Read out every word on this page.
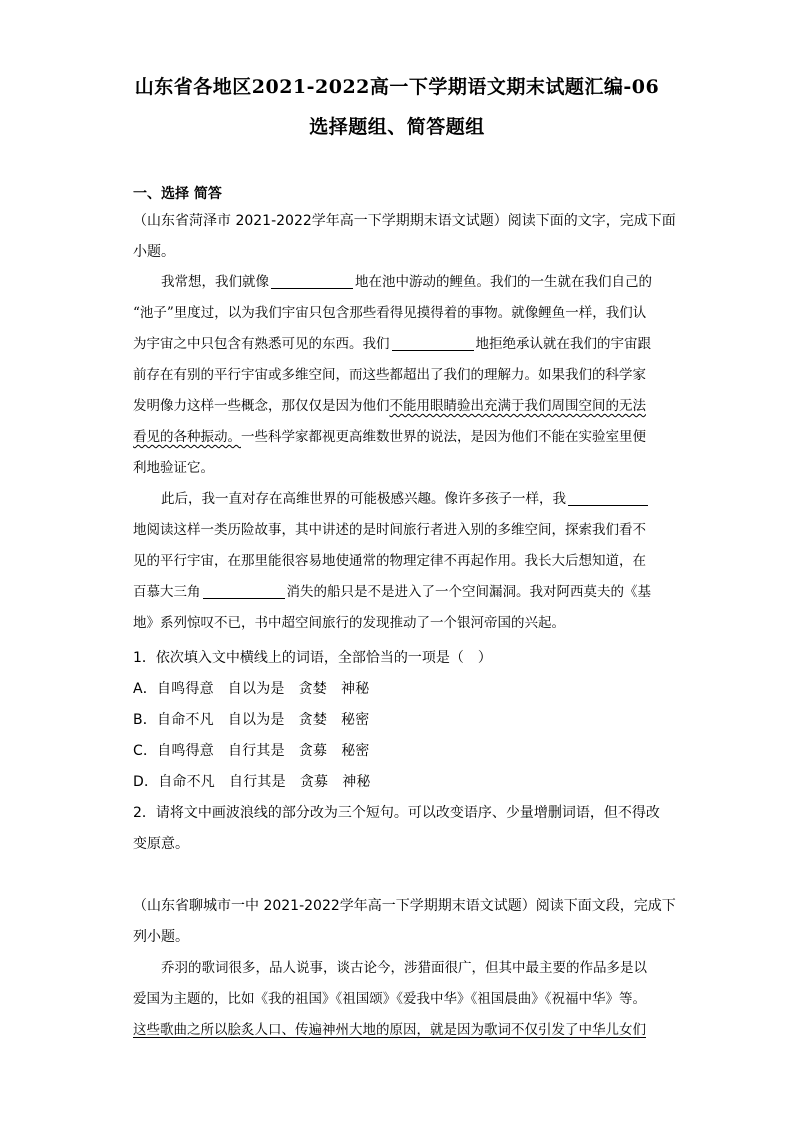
山东省各地区2021-2022高一下学期语文期末试题汇编-06
选择题组、简答题组
一、选择 简答
（山东省菏泽市 2021-2022学年高一下学期期末语文试题）阅读下面的文字，完成下面
小题。
我常想，我们就像	地在池中游动的鲤鱼。我们的一生就在我们自己的
“池子”里度过，以为我们宇宙只包含那些看得见摸得着的事物。就像鲤鱼一样，我们认
为宇宙之中只包含有熟悉可见的东西。我们	地拒绝承认就在我们的宇宙跟
前存在有别的平行宇宙或多维空间，而这些都超出了我们的理解力。如果我们的科学家
发明像力这样一些概念，那仅仅是因为他们不能用眼睛验出充满于我们周围空间的无法
看见的各种振动。一些科学家都视更高维数世界的说法，是因为他们不能在实验室里便
利地验证它。
此后，我一直对存在高维世界的可能极感兴趣。像许多孩子一样，我
地阅读这样一类历险故事，其中讲述的是时间旅行者进入别的多维空间，探索我们看不
见的平行宇宙，在那里能很容易地使通常的物理定律不再起作用。我长大后想知道，在
百慕大三角	消失的船只是不是进入了一个空间漏洞。我对阿西莫夫的《基
地》系列惊叹不已，书中超空间旅行的发现推动了一个银河帝国的兴起。
1．依次填入文中横线上的词语，全部恰当的一项是（　）
A．自鸣得意 自以为是 贪婪 神秘
B．自命不凡 自以为是 贪婪 秘密
C．自鸣得意 自行其是 贪募 秘密
D．自命不凡 自行其是 贪募 神秘
2．请将文中画波浪线的部分改为三个短句。可以改变语序、少量增删词语，但不得改
变原意。
（山东省聊城市一中 2021-2022学年高一下学期期末语文试题）阅读下面文段，完成下
列小题。
乔羽的歌词很多，品人说事，谈古论今，涉猎面很广，但其中最主要的作品多是以
爱国为主题的，比如《我的祖国》《祖国颂》《爱我中华》《祖国晨曲》《祝福中华》等。
这些歌曲之所以脍炙人口、传遍神州大地的原因，就是因为歌词不仅引发了中华儿女们
